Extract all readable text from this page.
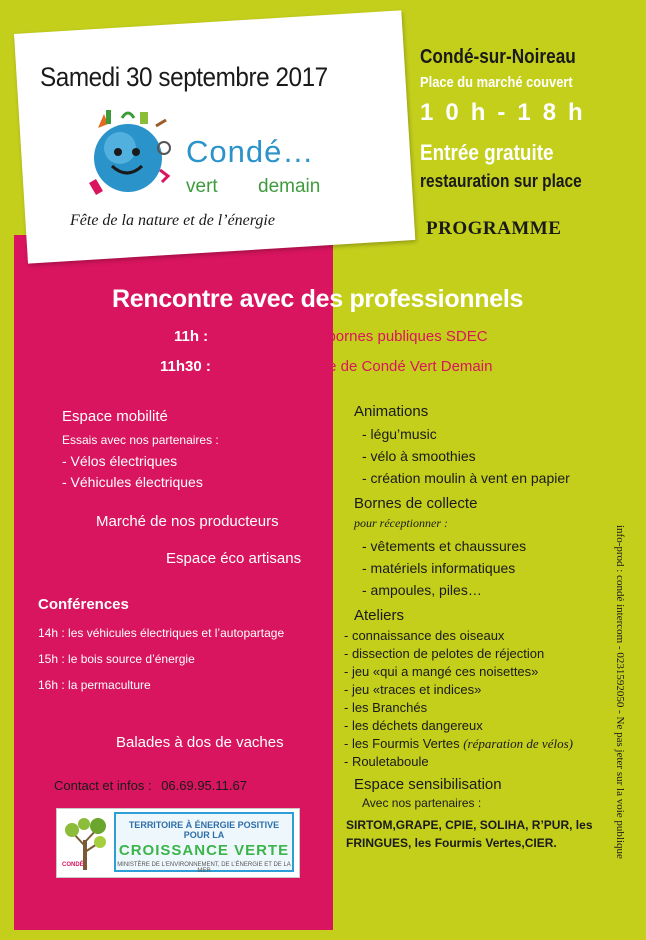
Samedi 30 septembre 2017
Condé…
vert demain
Fête de la nature et de l’énergie
Condé-sur-Noireau
Place du marché couvert
10h-18h
Entrée gratuite
restauration sur place
PROGRAMME
Rencontre avec des professionnels
11h : inauguration des bornes publiques SDEC
11h30 : ouverture officielle de Condé Vert Demain
Espace mobilité
Essais avec nos partenaires :
- Vélos électriques
- Véhicules électriques
Marché de nos producteurs
Espace éco artisans
Conférences
14h : les véhicules électriques et l’autopartage
15h : le bois source d’énergie
16h : la permaculture
Balades à dos de vaches
Contact et infos : 06.69.95.11.67
CONDÉ
TERRITOIRE À ÉNERGIE POSITIVE POUR LA
CROISSANCE VERTE
MINISTÈRE DE L’ENVIRONNEMENT, DE L’ÉNERGIE ET DE LA MER
Animations
- légu’music
- vélo à smoothies
- création moulin à vent en papier
Bornes de collecte
pour réceptionner :
- vêtements et chaussures
- matériels informatiques
- ampoules, piles…
Ateliers
- connaissance des oiseaux
- dissection de pelotes de réjection
- jeu «qui a mangé ces noisettes»
- jeu «traces et indices»
- les Branchés
- les déchets dangereux
- les Fourmis Vertes (réparation de vélos)
- Rouletaboule
Espace sensibilisation
Avec nos partenaires :
SIRTOM,GRAPE, CPIE, SOLIHA, R’PUR, les
FRINGUES, les Fourmis Vertes,CIER.	info-prod : condé intercom - 0231592050 - Ne pas jeter sur la voie publique
